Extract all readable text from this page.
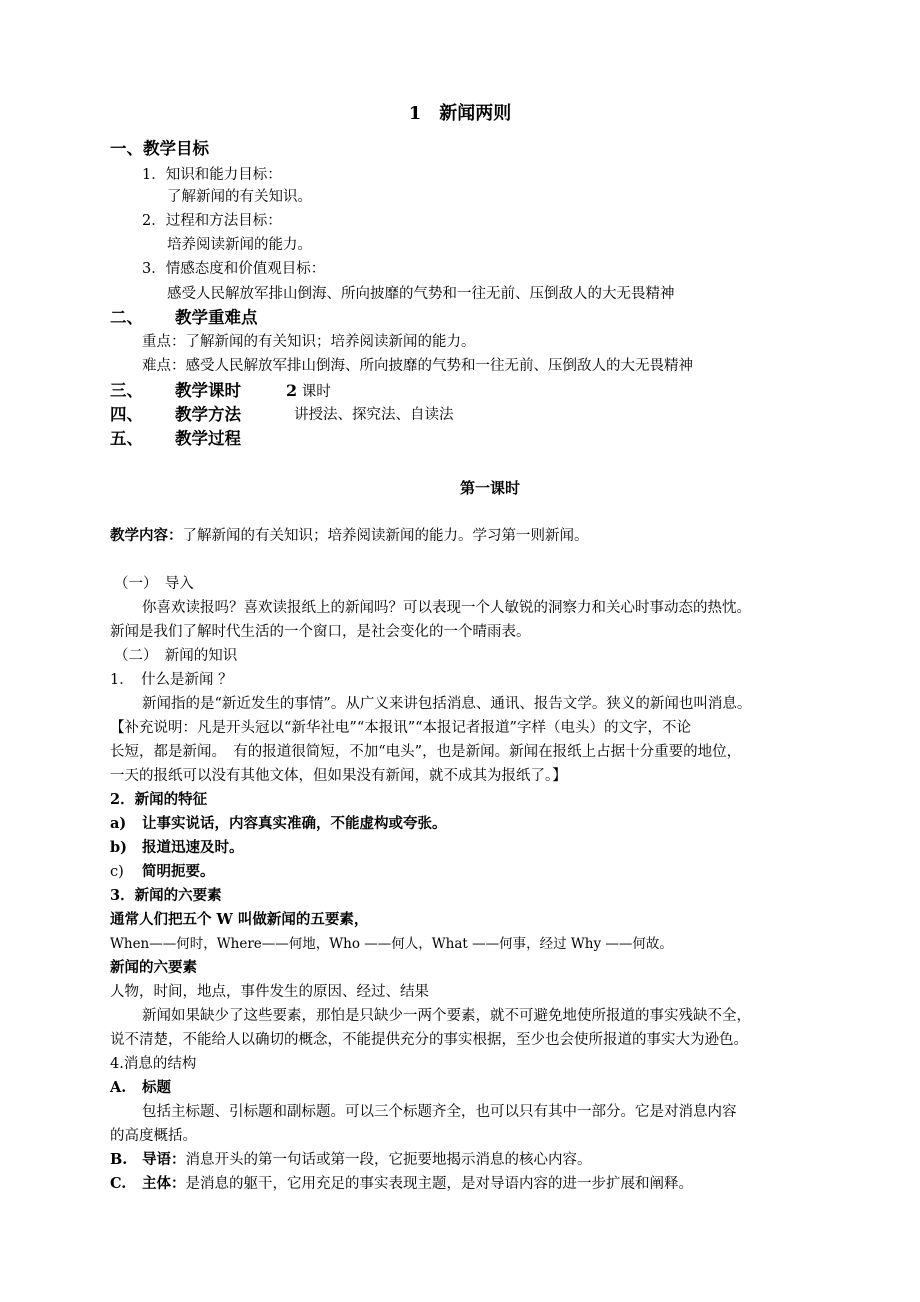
1 新闻两则
一、教学目标
1．知识和能力目标：
了解新闻的有关知识。
2．过程和方法目标：
培养阅读新闻的能力。
3．情感态度和价值观目标：
感受人民解放军排山倒海、所向披靡的气势和一往无前、压倒敌人的大无畏精神
二、 教学重难点
重点：了解新闻的有关知识；培养阅读新闻的能力。
难点：感受人民解放军排山倒海、所向披靡的气势和一往无前、压倒敌人的大无畏精神
三、 教学课时	2 课时
四、 教学方法	讲授法、探究法、自读法
五、 教学过程
第一课时
教学内容：了解新闻的有关知识；培养阅读新闻的能力。学习第一则新闻。
（一）　导入
你喜欢读报吗？喜欢读报纸上的新闻吗？可以表现一个人敏锐的洞察力和关心时事动态的热忱。
新闻是我们了解时代生活的一个窗口，是社会变化的一个晴雨表。
（二）　新闻的知识
1．　什么是新闻 ？
新闻指的是“新近发生的事情”。从广义来讲包括消息、通讯、报告文学。狭义的新闻也叫消息。
【补充说明：凡是开头冠以“新华社电”“本报讯”“本报记者报道”字样（电头）的文字，不论
长短，都是新闻。　有的报道很简短，不加“电头”，也是新闻。新闻在报纸上占据十分重要的地位，
一天的报纸可以没有其他文体，但如果没有新闻，就不成其为报纸了。】
2．新闻的特征
a) 让事实说话，内容真实准确，不能虚构或夸张。
b) 报道迅速及时。
c) 简明扼要。
3．新闻的六要素
通常人们把五个 W 叫做新闻的五要素，
When——何时，Where——何地，Who ——何人，What ——何事，经过 Why ——何故。
新闻的六要素
人物，时间，地点，事件发生的原因、经过、结果
新闻如果缺少了这些要素，那怕是只缺少一两个要素，就不可避免地使所报道的事实残缺不全，
说不清楚，不能给人以确切的概念，不能提供充分的事实根据，至少也会使所报道的事实大为逊色。
4.消息的结构
A. 标题
包括主标题、引标题和副标题。可以三个标题齐全，也可以只有其中一部分。它是对消息内容
的高度概括。
B. 导语：消息开头的第一句话或第一段，它扼要地揭示消息的核心内容。
C. 主体：是消息的躯干，它用充足的事实表现主题，是对导语内容的进一步扩展和阐释。
